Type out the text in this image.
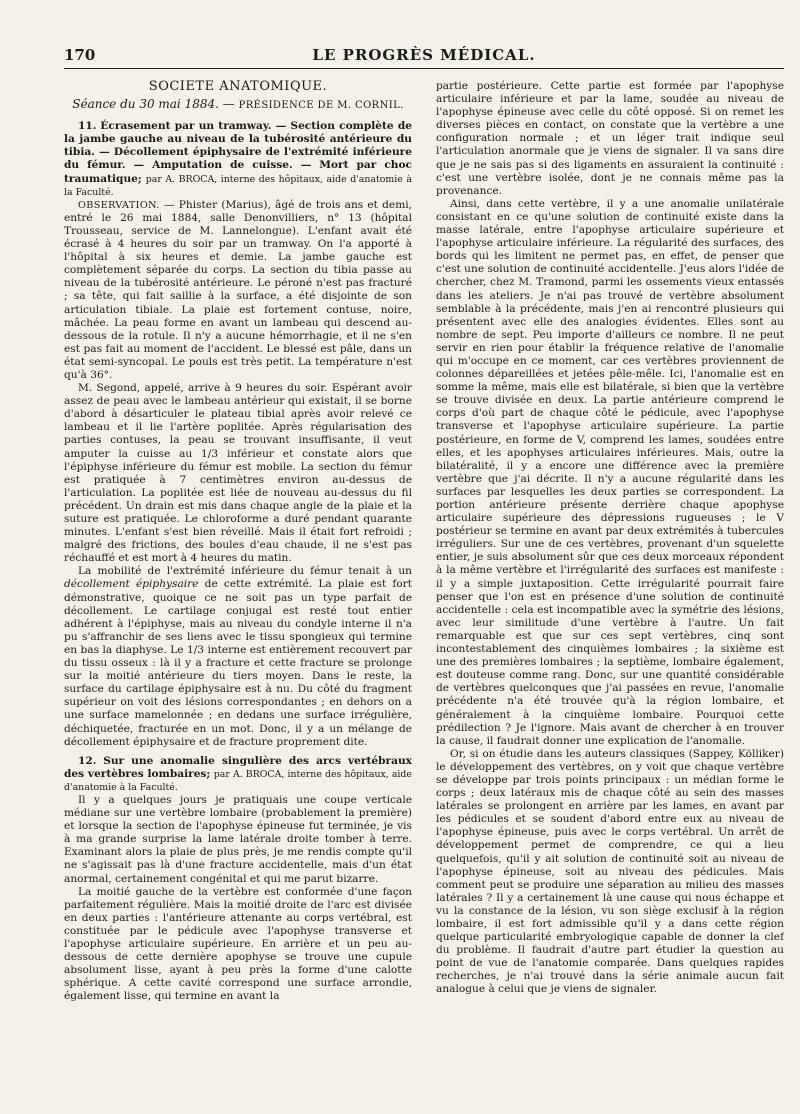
170	LE PROGRÈS MÉDICAL.
SOCIÉTÉ ANATOMIQUE.
Séance du 30 mai 1884. — PRÉSIDENCE DE M. CORNIL.

11. Écrasement par un tramway. — Section complète de la jambe gauche au niveau de la tubérosité antérieure du tibia. — Décollement épiphysaire de l'extrémité inférieure du fémur. — Amputation de cuisse. — Mort par choc traumatique; par A. BROCA, interne des hôpitaux, aide d'anatomie à la Faculté.

OBSERVATION. — Phister (Marius), âgé de trois ans et demi, entré le 26 mai 1884, salle Denonvilliers, n° 13 (hôpital Trousseau, service de M. Lannelongue). L'enfant avait été écrasé à 4 heures du soir par un tramway. On l'a apporté à l'hôpital à six heures et demie. La jambe gauche est complètement séparée du corps. La section du tibia passe au niveau de la tubérosité antérieure. Le péroné n'est pas fracturé ; sa tête, qui fait saillie à la surface, a été disjointe de son articulation tibiale. La plaie est fortement contuse, noire, mâchée. La peau forme en avant un lambeau qui descend au-dessous de la rotule. Il n'y a aucune hémorrhagie, et il ne s'en est pas fait au moment de l'accident. Le blessé est pâle, dans un état semi-syncopal. Le pouls est très petit. La température n'est qu'à 36°.

M. Segond, appelé, arrive à 9 heures du soir. Espérant avoir assez de peau avec le lambeau antérieur qui existait, il se borne d'abord à désarticuler le plateau tibial après avoir relevé ce lambeau et il lie l'artère poplitée. Après régularisation des parties contuses, la peau se trouvant insuffisante, il veut amputer la cuisse au 1/3 inférieur et constate alors que l'épiphyse inférieure du fémur est mobile. La section du fémur est pratiquée à 7 centimètres environ au-dessus de l'articulation. La poplitée est liée de nouveau au-dessus du fil précédent. Un drain est mis dans chaque angle de la plaie et la suture est pratiquée. Le chloroforme a duré pendant quarante minutes. L'enfant s'est bien réveillé. Mais il était fort refroidi ; malgré des frictions, des boules d'eau chaude, il ne s'est pas réchauffé et est mort à 4 heures du matin.

La mobilité de l'extrémité inférieure du fémur tenait à un décollement épiphysaire de cette extrémité. La plaie est fort démonstrative, quoique ce ne soit pas un type parfait de décollement. Le cartilage conjugal est resté tout entier adhérent à l'épiphyse, mais au niveau du condyle interne il n'a pu s'affranchir de ses liens avec le tissu spongieux qui termine en bas la diaphyse. Le 1/3 interne est entièrement recouvert par du tissu osseux : là il y a fracture et cette fracture se prolonge sur la moitié antérieure du tiers moyen. Dans le reste, la surface du cartilage épiphysaire est à nu. Du côté du fragment supérieur on voit des lésions correspondantes ; en dehors on a une surface mamelonnée ; en dedans une surface irrégulière, déchiquetée, fracturée en un mot. Donc, il y a un mélange de décollement épiphysaire et de fracture proprement dite.

12. Sur une anomalie singulière des arcs vertébraux des vertèbres lombaires; par A. BROCA, interne des hôpitaux, aide d'anatomie à la Faculté.

Il y a quelques jours je pratiquais une coupe verticale médiane sur une vertèbre lombaire (probablement la première) et lorsque la section de l'apophyse épineuse fut terminée, je vis à ma grande surprise la lame latérale droite tomber à terre. Examinant alors la plaie de plus près, je me rendis compte qu'il ne s'agissait pas là d'une fracture accidentelle, mais d'un état anormal, certainement congénital et qui me parut bizarre.

La moitié gauche de la vertèbre est conformée d'une façon parfaitement régulière. Mais la moitié droite de l'arc est divisée en deux parties : l'antérieure attenante au corps vertébral, est constituée par le pédicule avec l'apophyse transverse et l'apophyse articulaire supérieure. En arrière et un peu au-dessous de cette dernière apophyse se trouve une cupule absolument lisse, ayant à peu près la forme d'une calotte sphérique. A cette cavité correspond une surface arrondie, également lisse, qui termine en avant la

partie postérieure. Cette partie est formée par l'apophyse articulaire inférieure et par la lame, soudée au niveau de l'apophyse épineuse avec celle du côté opposé. Si on remet les diverses pièces en contact, on constate que la vertèbre a une configuration normale ; et un léger trait indique seul l'articulation anormale que je viens de signaler. Il va sans dire que je ne sais pas si des ligaments en assuraient la continuité : c'est une vertèbre isolée, dont je ne connais même pas la provenance.

Ainsi, dans cette vertèbre, il y a une anomalie unilatérale consistant en ce qu'une solution de continuité existe dans la masse latérale, entre l'apophyse articulaire supérieure et l'apophyse articulaire inférieure. La régularité des surfaces, des bords qui les limitent ne permet pas, en effet, de penser que c'est une solution de continuité accidentelle. J'eus alors l'idée de chercher, chez M. Tramond, parmi les ossements vieux entassés dans les ateliers. Je n'ai pas trouvé de vertèbre absolument semblable à la précédente, mais j'en ai rencontré plusieurs qui présentent avec elle des analogies évidentes. Elles sont au nombre de sept. Peu importe d'ailleurs ce nombre. Il ne peut servir en rien pour établir la fréquence relative de l'anomalie qui m'occupe en ce moment, car ces vertèbres proviennent de colonnes dépareillées et jetées pêle-mêle. Ici, l'anomalie est en somme la même, mais elle est bilatérale, si bien que la vertèbre se trouve divisée en deux. La partie antérieure comprend le corps d'où part de chaque côté le pédicule, avec l'apophyse transverse et l'apophyse articulaire supérieure. La partie postérieure, en forme de V, comprend les lames, soudées entre elles, et les apophyses articulaires inférieures. Mais, outre la bilatéralité, il y a encore une différence avec la première vertèbre que j'ai décrite. Il n'y a aucune régularité dans les surfaces par lesquelles les deux parties se correspondent. La portion antérieure présente derrière chaque apophyse articulaire supérieure des dépressions rugueuses ; le V postérieur se termine en avant par deux extrémités à tubercules irréguliers. Sur une de ces vertèbres, provenant d'un squelette entier, je suis absolument sûr que ces deux morceaux répondent à la même vertèbre et l'irrégularité des surfaces est manifeste : il y a simple juxtaposition. Cette irrégularité pourrait faire penser que l'on est en présence d'une solution de continuité accidentelle : cela est incompatible avec la symétrie des lésions, avec leur similitude d'une vertèbre à l'autre. Un fait remarquable est que sur ces sept vertèbres, cinq sont incontestablement des cinquièmes lombaires ; la sixième est une des premières lombaires ; la septième, lombaire également, est douteuse comme rang. Donc, sur une quantité considérable de vertèbres quelconques que j'ai passées en revue, l'anomalie précédente n'a été trouvée qu'à la région lombaire, et généralement à la cinquième lombaire. Pourquoi cette prédilection ? Je l'ignore. Mais avant de chercher à en trouver la cause, il faudrait donner une explication de l'anomalie.

Or, si on étudie dans les auteurs classiques (Sappey, Kölliker) le développement des vertèbres, on y voit que chaque vertèbre se développe par trois points principaux : un médian forme le corps ; deux latéraux mis de chaque côté au sein des masses latérales se prolongent en arrière par les lames, en avant par les pédicules et se soudent d'abord entre eux au niveau de l'apophyse épineuse, puis avec le corps vertébral. Un arrêt de développement permet de comprendre, ce qui a lieu quelquefois, qu'il y ait solution de continuité soit au niveau de l'apophyse épineuse, soit au niveau des pédicules. Mais comment peut se produire une séparation au milieu des masses latérales ? Il y a certainement là une cause qui nous échappe et vu la constance de la lésion, vu son siège exclusif à la région lombaire, il est fort admissible qu'il y a dans cette région quelque particularité embryologique capable de donner la clef du problème. Il faudrait d'autre part étudier la question au point de vue de l'anatomie comparée. Dans quelques rapides recherches, je n'ai trouvé dans la série animale aucun fait analogue à celui que je viens de signaler.
